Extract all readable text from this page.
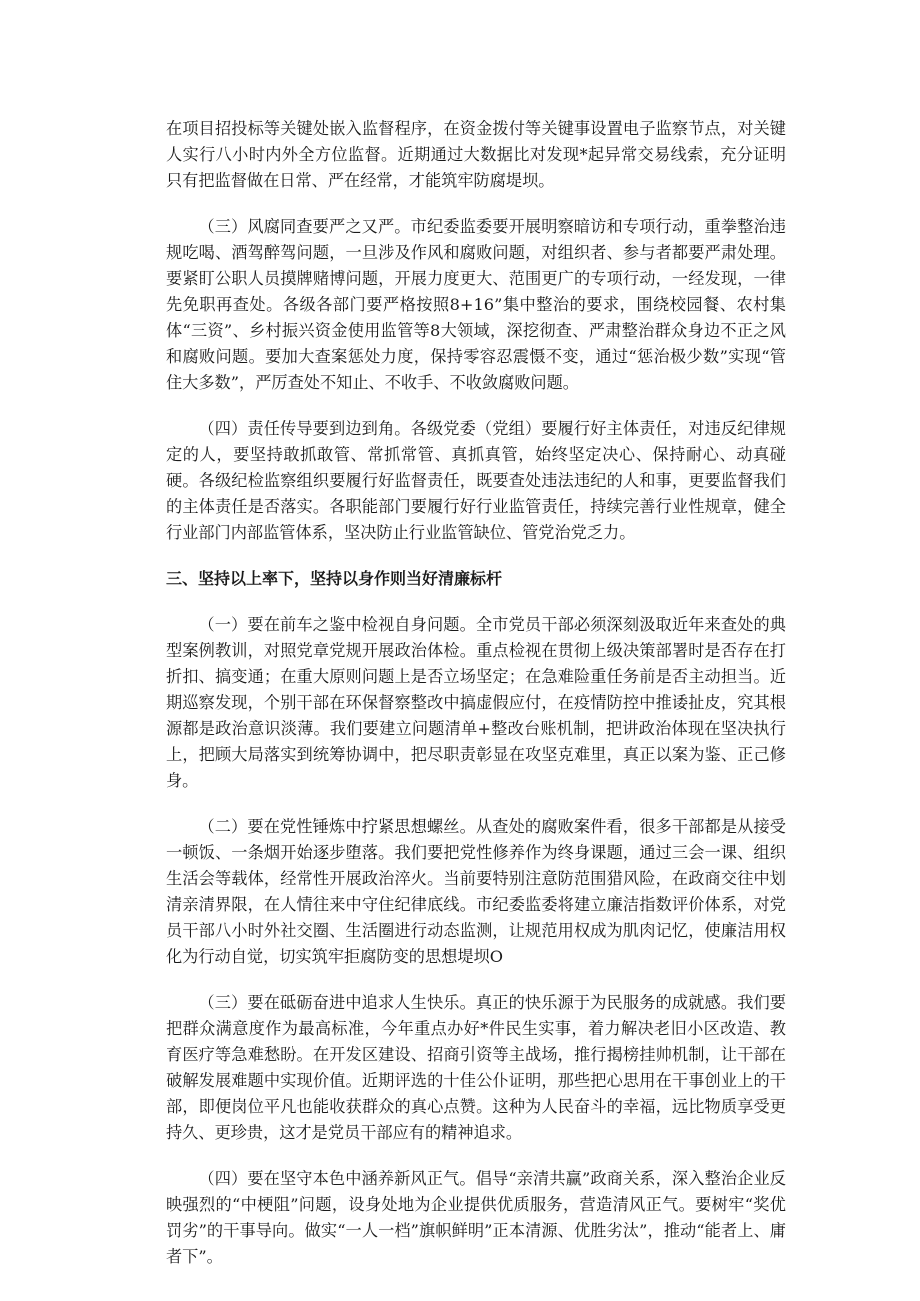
在项目招投标等关键处嵌入监督程序，在资金拨付等关键事设置电子监察节点，对关键人实行八小时内外全方位监督。近期通过大数据比对发现*起异常交易线索，充分证明只有把监督做在日常、严在经常，才能筑牢防腐堤坝。

（三）风腐同查要严之又严。市纪委监委要开展明察暗访和专项行动，重拳整治违规吃喝、酒驾醉驾问题，一旦涉及作风和腐败问题，对组织者、参与者都要严肃处理。要紧盯公职人员摸牌赌博问题，开展力度更大、范围更广的专项行动，一经发现，一律先免职再查处。各级各部门要严格按照8+16”集中整治的要求，围绕校园餐、农村集体“三资”、乡村振兴资金使用监管等8大领域，深挖彻查、严肃整治群众身边不正之风和腐败问题。要加大查案惩处力度，保持零容忍震慑不变，通过“惩治极少数”实现“管住大多数”，严厉查处不知止、不收手、不收敛腐败问题。

（四）责任传导要到边到角。各级党委（党组）要履行好主体责任，对违反纪律规定的人，要坚持敢抓敢管、常抓常管、真抓真管，始终坚定决心、保持耐心、动真碰硬。各级纪检监察组织要履行好监督责任，既要查处违法违纪的人和事，更要监督我们的主体责任是否落实。各职能部门要履行好行业监管责任，持续完善行业性规章，健全行业部门内部监管体系，坚决防止行业监管缺位、管党治党乏力。

三、坚持以上率下，坚持以身作则当好清廉标杆

（一）要在前车之鉴中检视自身问题。全市党员干部必须深刻汲取近年来查处的典型案例教训，对照党章党规开展政治体检。重点检视在贯彻上级决策部署时是否存在打折扣、搞变通；在重大原则问题上是否立场坚定；在急难险重任务前是否主动担当。近期巡察发现，个别干部在环保督察整改中搞虚假应付，在疫情防控中推诿扯皮，究其根源都是政治意识淡薄。我们要建立问题清单+整改台账机制，把讲政治体现在坚决执行上，把顾大局落实到统筹协调中，把尽职责彰显在攻坚克难里，真正以案为鉴、正己修身。

（二）要在党性锤炼中拧紧思想螺丝。从查处的腐败案件看，很多干部都是从接受一顿饭、一条烟开始逐步堕落。我们要把党性修养作为终身课题，通过三会一课、组织生活会等载体，经常性开展政治淬火。当前要特别注意防范围猎风险，在政商交往中划清亲清界限，在人情往来中守住纪律底线。市纪委监委将建立廉洁指数评价体系，对党员干部八小时外社交圈、生活圈进行动态监测，让规范用权成为肌肉记忆，使廉洁用权化为行动自觉，切实筑牢拒腐防变的思想堤坝O

（三）要在砥砺奋进中追求人生快乐。真正的快乐源于为民服务的成就感。我们要把群众满意度作为最高标准，今年重点办好*件民生实事，着力解决老旧小区改造、教育医疗等急难愁盼。在开发区建设、招商引资等主战场，推行揭榜挂帅机制，让干部在破解发展难题中实现价值。近期评选的十佳公仆证明，那些把心思用在干事创业上的干部，即便岗位平凡也能收获群众的真心点赞。这种为人民奋斗的幸福，远比物质享受更持久、更珍贵，这才是党员干部应有的精神追求。

（四）要在坚守本色中涵养新风正气。倡导“亲清共赢”政商关系，深入整治企业反映强烈的“中梗阻”问题，设身处地为企业提供优质服务，营造清风正气。要树牢“奖优罚劣”的干事导向。做实“一人一档”旗帜鲜明”正本清源、优胜劣汰”，推动“能者上、庸者下”。
